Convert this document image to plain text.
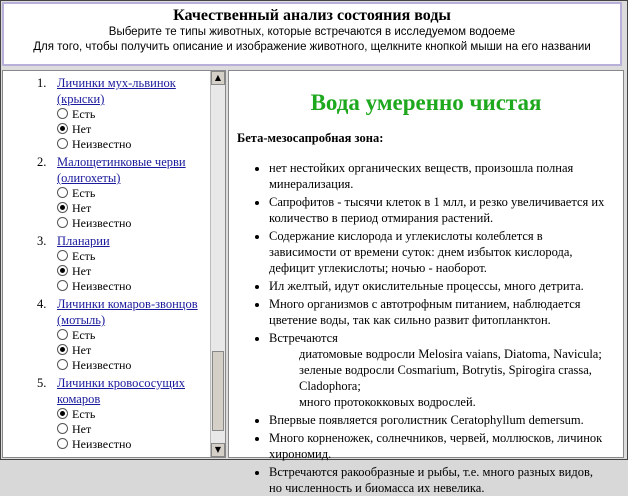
Качественный анализ состояния воды
Выберите те типы животных, которые встречаются в исследуемом водоеме
Для того, чтобы получить описание и изображение животного, щелкните кнопкой мыши на его названии
1. Личинки мух-львинок (крыски)
Есть
Нет
Неизвестно
2. Малощетинковые черви (олигохеты)
Есть
Нет
Неизвестно
3. Планарии
Есть
Нет
Неизвестно
4. Личинки комаров-звонцов (мотыль)
Есть
Нет
Неизвестно
5. Личинки кровососущих комаров
Есть
Нет
Неизвестно
▲
▼
Вода умеренно чистая
Бета-мезосапробная зона:
• нет нестойких органических веществ, произошла полная минерализация.
• Сапрофитов - тысячи клеток в 1 млл, и резко увеличивается их количество в период отмирания растений.
• Содержание кислорода и углекислоты колеблется в зависимости от времени суток: днем избыток кислорода, дефицит углекислоты; ночью - наоборот.
• Ил желтый, идут окислительные процессы, много детрита.
• Много организмов с автотрофным питанием, наблюдается цветение воды, так как сильно развит фитопланктон.
• Встречаются
диатомовые водросли Melosira vaians, Diatoma, Navicula;
зеленые водросли Cosmarium, Botrytis, Spirogira crassa, Cladophora;
много протококковых водрослей.
• Впервые появляется роголистник Ceratophyllum demersum.
• Много корненожек, солнечников, червей, моллюсков, личинок хирономид.
• Встречаются ракообразные и рыбы, т.е. много разных видов, но численность и биомасса их невелика.
